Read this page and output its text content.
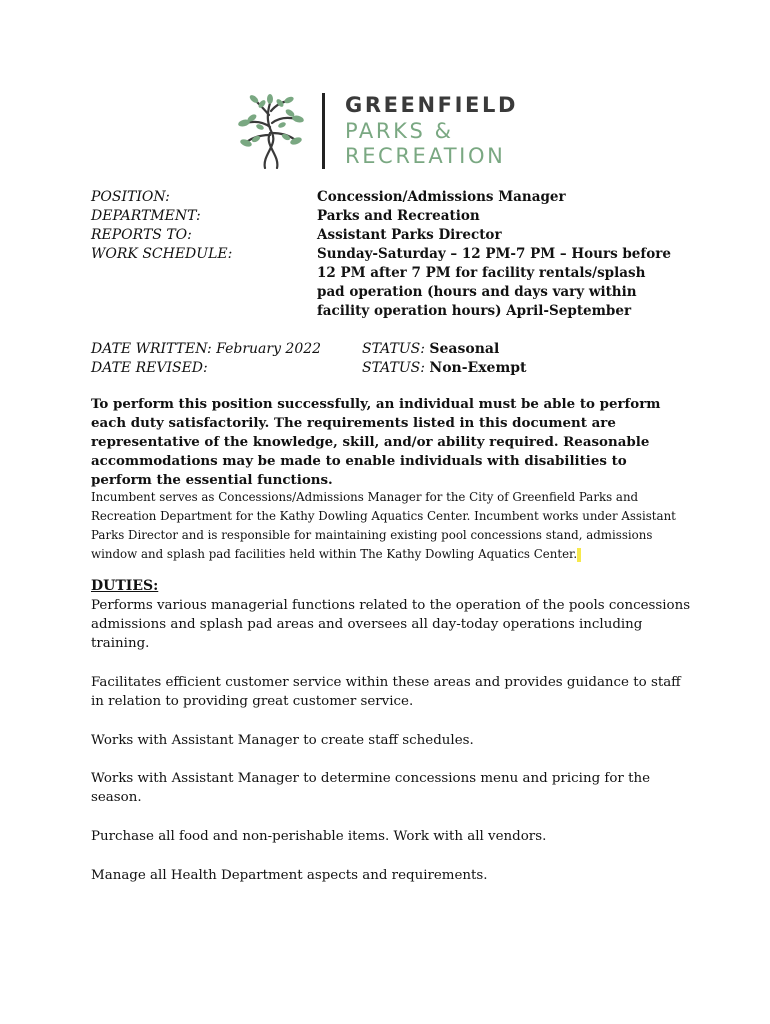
GREENFIELD
PARKS &
RECREATION
POSITION:
DEPARTMENT:
REPORTS TO:
WORK SCHEDULE:
Concession/Admissions Manager
Parks and Recreation
Assistant Parks Director
Sunday-Saturday – 12 PM-7 PM – Hours before 12 PM after 7 PM for facility rentals/splash pad operation (hours and days vary within facility operation hours) April-September
DATE WRITTEN: February 2022
DATE REVISED:
STATUS: Seasonal
STATUS: Non-Exempt
To perform this position successfully, an individual must be able to perform each duty satisfactorily. The requirements listed in this document are representative of the knowledge, skill, and/or ability required. Reasonable accommodations may be made to enable individuals with disabilities to perform the essential functions.
Incumbent serves as Concessions/Admissions Manager for the City of Greenfield Parks and Recreation Department for the Kathy Dowling Aquatics Center. Incumbent works under Assistant Parks Director and is responsible for maintaining existing pool concessions stand, admissions window and splash pad facilities held within The Kathy Dowling Aquatics Center.
DUTIES:
Performs various managerial functions related to the operation of the pools concessions admissions and splash pad areas and oversees all day-today operations including training.
Facilitates efficient customer service within these areas and provides guidance to staff in relation to providing great customer service.
Works with Assistant Manager to create staff schedules.
Works with Assistant Manager to determine concessions menu and pricing for the season.
Purchase all food and non-perishable items. Work with all vendors.
Manage all Health Department aspects and requirements.
